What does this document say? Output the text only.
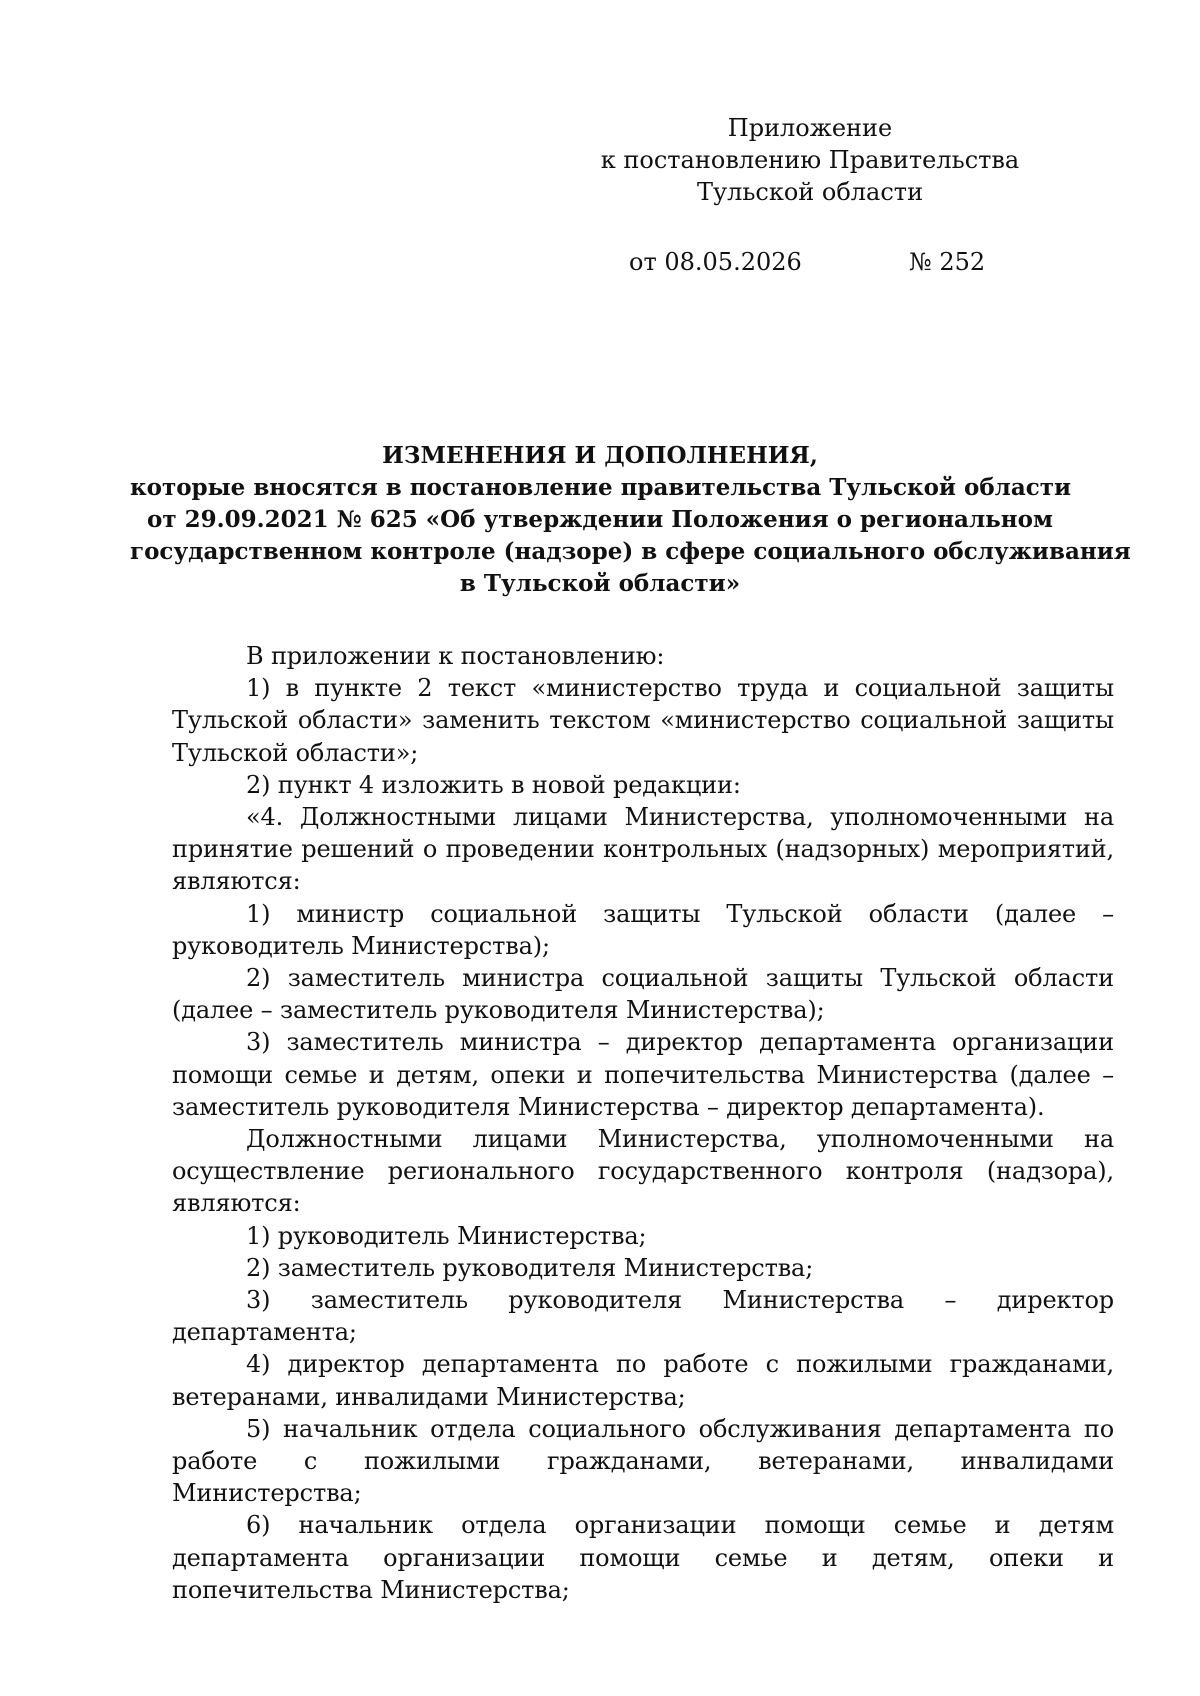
Приложение
к постановлению Правительства
Тульской области
от 08.05.2026	№ 252
ИЗМЕНЕНИЯ И ДОПОЛНЕНИЯ,
которые вносятся в постановление правительства Тульской области
от 29.09.2021 № 625 «Об утверждении Положения о региональном
государственном контроле (надзоре) в сфере социального обслуживания
в Тульской области»

В приложении к постановлению:

1) в пункте 2 текст «министерство труда и социальной защиты Тульской области» заменить текстом «министерство социальной защиты Тульской области»;

2) пункт 4 изложить в новой редакции:

«4. Должностными лицами Министерства, уполномоченными на принятие решений о проведении контрольных (надзорных) мероприятий, являются:

1) министр социальной защиты Тульской области (далее – руководитель Министерства);

2) заместитель министра социальной защиты Тульской области (далее – заместитель руководителя Министерства);

3) заместитель министра – директор департамента организации помощи семье и детям, опеки и попечительства Министерства (далее – заместитель руководителя Министерства – директор департамента).

Должностными лицами Министерства, уполномоченными на осуществление регионального государственного контроля (надзора), являются:

1) руководитель Министерства;

2) заместитель руководителя Министерства;

3) заместитель руководителя Министерства – директор департамента;

4) директор департамента по работе с пожилыми гражданами, ветеранами, инвалидами Министерства;

5) начальник отдела социального обслуживания департамента по работе с пожилыми гражданами, ветеранами, инвалидами Министерства;

6) начальник отдела организации помощи семье и детям департамента организации помощи семье и детям, опеки и попечительства Министерства;
